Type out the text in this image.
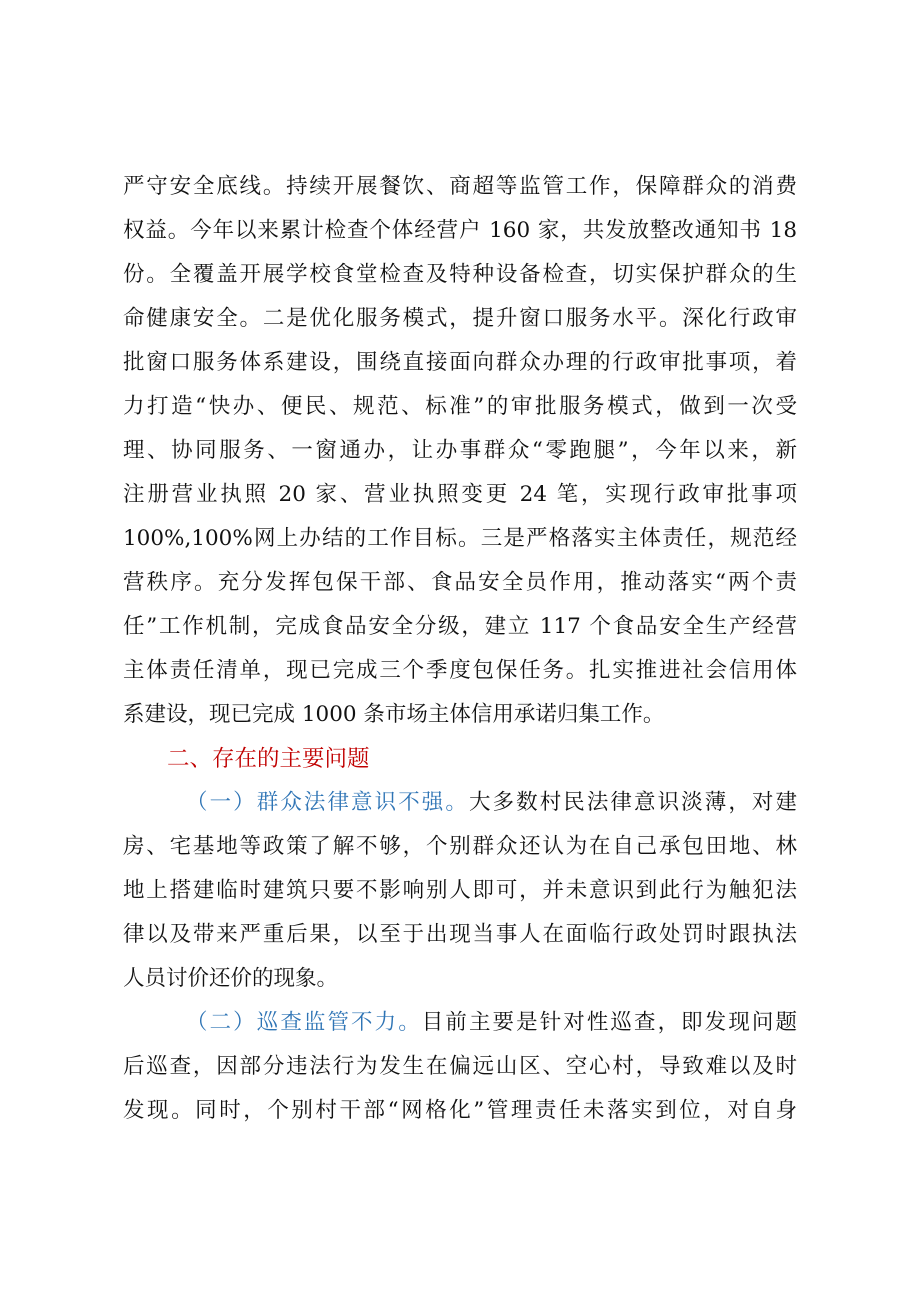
严守安全底线。持续开展餐饮、商超等监管工作，保障群众的消费
权益。今年以来累计检查个体经营户 160 家，共发放整改通知书 18
份。全覆盖开展学校食堂检查及特种设备检查，切实保护群众的生
命健康安全。二是优化服务模式，提升窗口服务水平。深化行政审
批窗口服务体系建设，围绕直接面向群众办理的行政审批事项，着
力打造“快办、便民、规范、标准”的审批服务模式，做到一次受
理、协同服务、一窗通办，让办事群众“零跑腿”，今年以来，新
注册营业执照 20 家、营业执照变更 24 笔，实现行政审批事项
100%,100%网上办结的工作目标。三是严格落实主体责任，规范经
营秩序。充分发挥包保干部、食品安全员作用，推动落实“两个责
任”工作机制，完成食品安全分级，建立 117 个食品安全生产经营
主体责任清单，现已完成三个季度包保任务。扎实推进社会信用体
系建设，现已完成 1000 条市场主体信用承诺归集工作。
二、存在的主要问题
（一）群众法律意识不强。大多数村民法律意识淡薄，对建
房、宅基地等政策了解不够，个别群众还认为在自己承包田地、林
地上搭建临时建筑只要不影响别人即可，并未意识到此行为触犯法
律以及带来严重后果，以至于出现当事人在面临行政处罚时跟执法
人员讨价还价的现象。
（二）巡查监管不力。目前主要是针对性巡查，即发现问题
后巡查，因部分违法行为发生在偏远山区、空心村，导致难以及时
发现。同时，个别村干部“网格化”管理责任未落实到位，对自身
